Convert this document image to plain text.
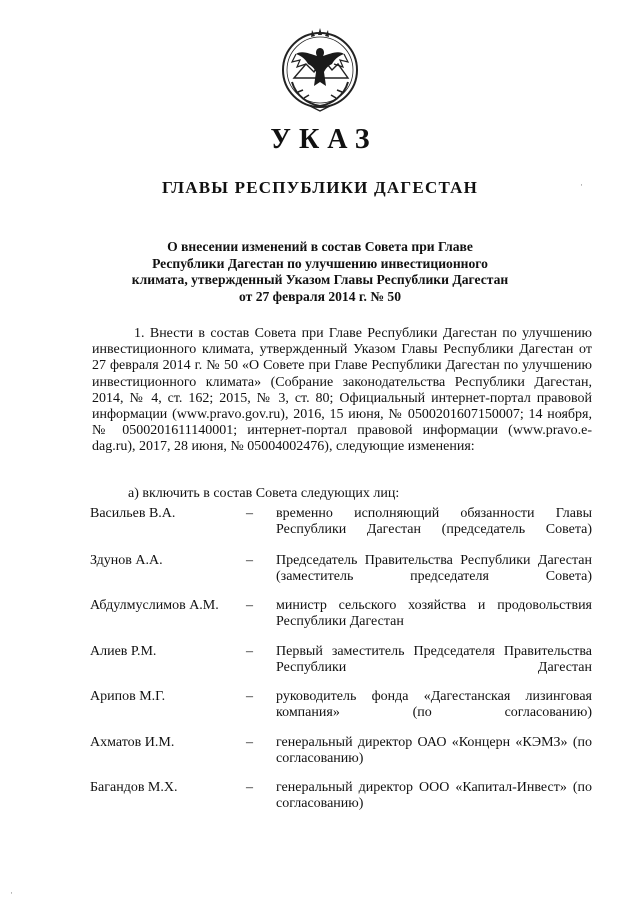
УКАЗ
ГЛАВЫ РЕСПУБЛИКИ ДАГЕСТАН
О внесении изменений в состав Совета при Главе
Республики Дагестан по улучшению инвестиционного
климата, утвержденный Указом Главы Республики Дагестан
от 27 февраля 2014 г. № 50

1. Внести в состав Совета при Главе Республики Дагестан по улучшению инвестиционного климата, утвержденный Указом Главы Республики Дагестан от 27 февраля 2014 г. № 50 «О Совете при Главе Республики Дагестан по улучшению инвестиционного климата» (Собрание законодательства Республики Дагестан, 2014, № 4, ст. 162; 2015, № 3, ст. 80; Официальный интернет-портал правовой информации (www.pravo.gov.ru), 2016, 15 июня, № 0500201607150007; 14 ноября, № 0500201611140001; интернет-портал правовой информации (www.pravo.e-dag.ru), 2017, 28 июня, № 05004002476), следующие изменения:

а) включить в состав Совета следующих лиц:
Васильев В.А.	– временно исполняющий обязанности Главы Республики Дагестан (председатель Совета)
Здунов А.А.	– Председатель Правительства Республики Дагестан (заместитель председателя Совета)
Абдулмуслимов А.М. – министр сельского хозяйства и продовольствия Республики Дагестан
Алиев Р.М.	– Первый заместитель Председателя Правительства Республики Дагестан
Арипов М.Г.	– руководитель фонда «Дагестанская лизинговая компания» (по согласованию)
Ахматов И.М.	– генеральный директор ОАО «Концерн «КЭМЗ» (по согласованию)
Багандов М.Х.	– генеральный директор ООО «Капитал-Инвест» (по согласованию)
·
·
